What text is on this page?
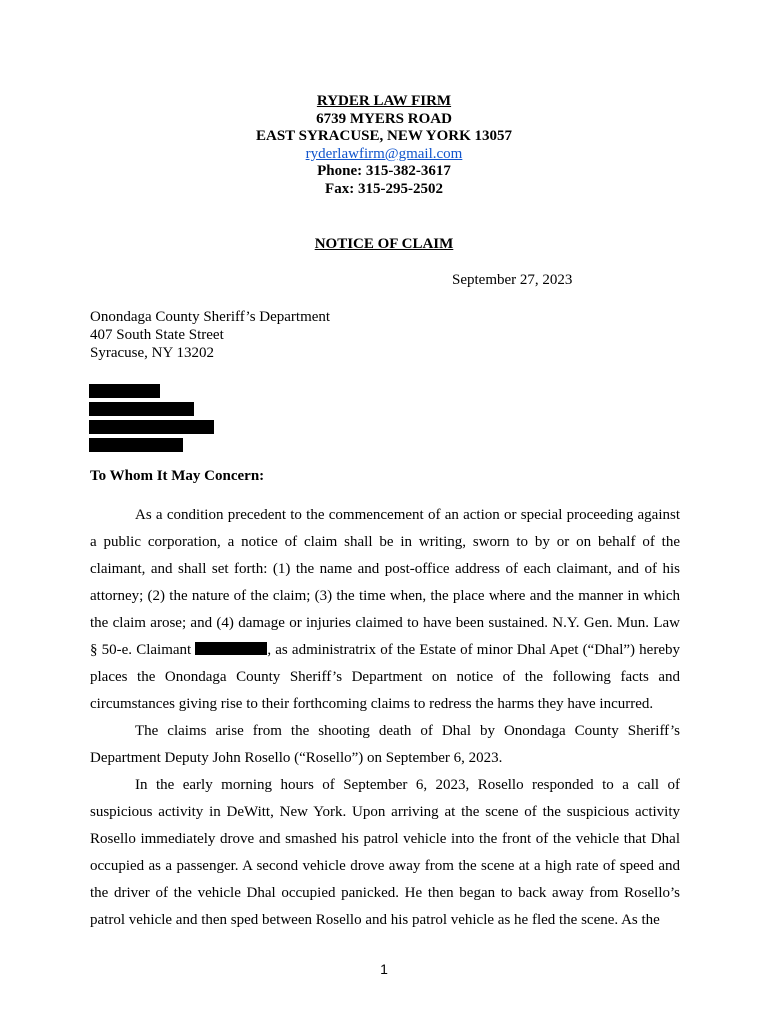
RYDER LAW FIRM
6739 MYERS ROAD
EAST SYRACUSE, NEW YORK 13057
ryderlawfirm@gmail.com
Phone: 315-382-3617
Fax: 315-295-2502
NOTICE OF CLAIM
September 27, 2023
Onondaga County Sheriff’s Department
407 South State Street
Syracuse, NY 13202
To Whom It May Concern:

As a condition precedent to the commencement of an action or special proceeding against a public corporation, a notice of claim shall be in writing, sworn to by or on behalf of the claimant, and shall set forth: (1) the name and post-office address of each claimant, and of his attorney; (2) the nature of the claim; (3) the time when, the place where and the manner in which the claim arose; and (4) damage or injuries claimed to have been sustained. N.Y. Gen. Mun. Law § 50-e. Claimant	, as administratrix of the Estate of minor Dhal Apet (“Dhal”) hereby places the Onondaga County Sheriff’s Department on notice of the following facts and circumstances giving rise to their forthcoming claims to redress the harms they have incurred.

The claims arise from the shooting death of Dhal by Onondaga County Sheriff’s Department Deputy John Rosello (“Rosello”) on September 6, 2023.

In the early morning hours of September 6, 2023, Rosello responded to a call of suspicious activity in DeWitt, New York. Upon arriving at the scene of the suspicious activity Rosello immediately drove and smashed his patrol vehicle into the front of the vehicle that Dhal occupied as a passenger. A second vehicle drove away from the scene at a high rate of speed and the driver of the vehicle Dhal occupied panicked. He then began to back away from Rosello’s patrol vehicle and then sped between Rosello and his patrol vehicle as he fled the scene. As the

1
